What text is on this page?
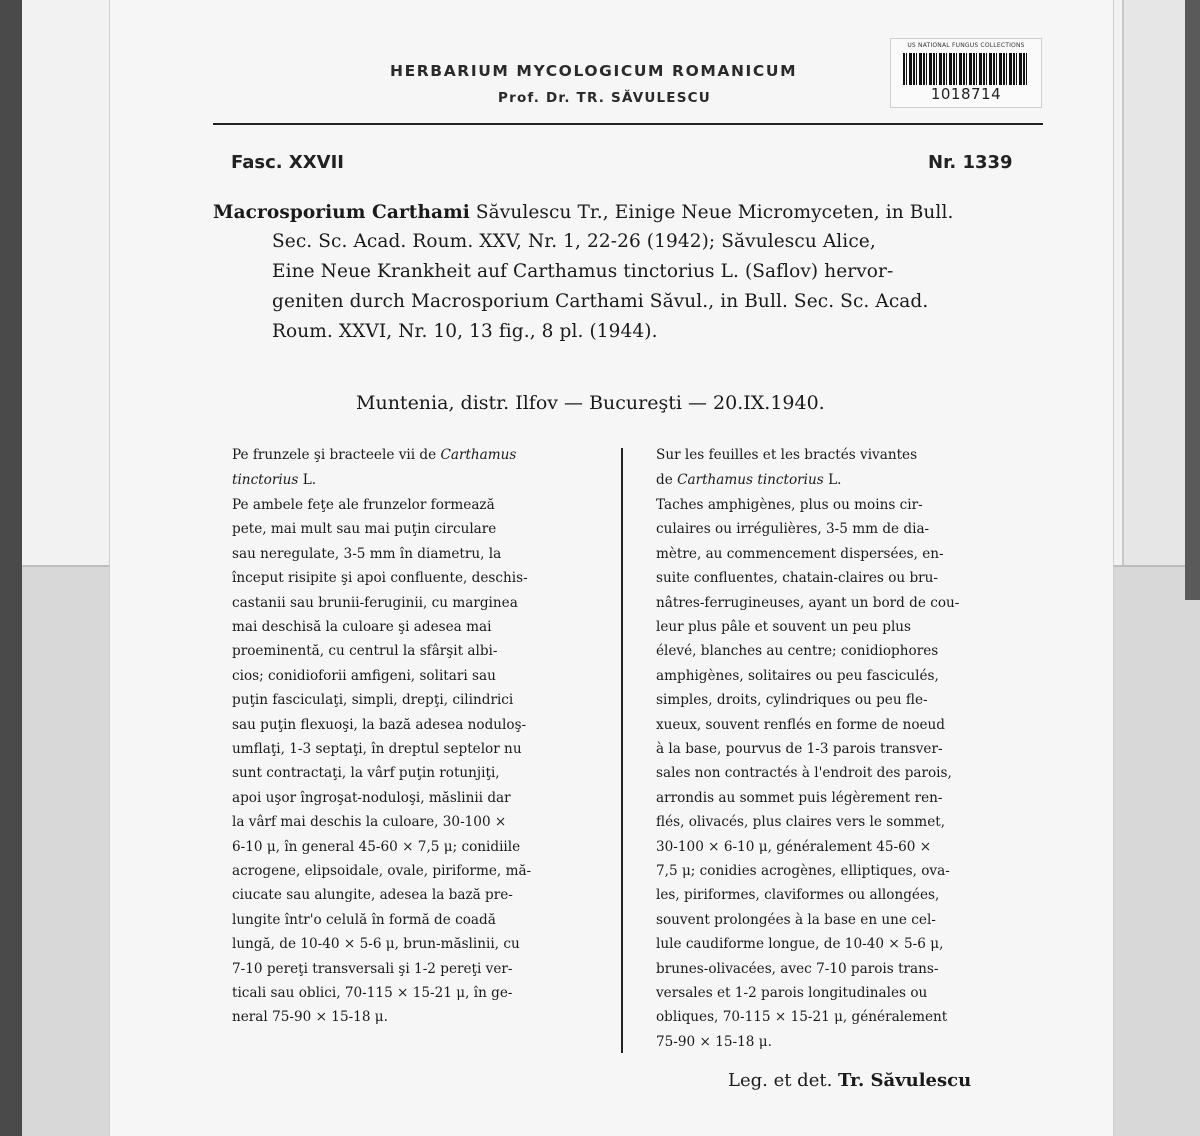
US NATIONAL FUNGUS COLLECTIONS
1018714
HERBARIUM MYCOLOGICUM ROMANICUM
Prof. Dr. TR. SĂVULESCU
Fasc. XXVII	Nr. 1339
Macrosporium Carthami Săvulescu Tr., Einige Neue Micromyceten, in Bull.
Sec. Sc. Acad. Roum. XXV, Nr. 1, 22-26 (1942); Săvulescu Alice,
Eine Neue Krankheit auf Carthamus tinctorius L. (Saflov) hervor-
geniten durch Macrosporium Carthami Săvul., in Bull. Sec. Sc. Acad.
Roum. XXVI, Nr. 10, 13 fig., 8 pl. (1944).
Muntenia, distr. Ilfov — Bucureşti — 20.IX.1940.
Pe frunzele şi bracteele vii de Carthamus
tinctorius L.
Pe ambele feţe ale frunzelor formează
pete, mai mult sau mai puţin circulare
sau neregulate, 3-5 mm în diametru, la
început risipite şi apoi confluente, deschis-
castanii sau brunii-feruginii, cu marginea
mai deschisă la culoare şi adesea mai
proeminentă, cu centrul la sfârşit albi-
cios; conidioforii amfigeni, solitari sau
puţin fasciculaţi, simpli, drepţi, cilindrici
sau puţin flexuoşi, la bază adesea noduloş-
umflaţi, 1-3 septaţi, în dreptul septelor nu
sunt contractaţi, la vârf puţin rotunjiţi,
apoi uşor îngroşat-noduloşi, măslinii dar
la vârf mai deschis la culoare, 30-100 ×
6-10 μ, în general 45-60 × 7,5 μ; conidiile
acrogene, elipsoidale, ovale, piriforme, mă-
ciucate sau alungite, adesea la bază pre-
lungite într'o celulă în formă de coadă
lungă, de 10-40 × 5-6 μ, brun-măslinii, cu
7-10 pereţi transversali şi 1-2 pereţi ver-
ticali sau oblici, 70-115 × 15-21 μ, în ge-
neral 75-90 × 15-18 μ.
Sur les feuilles et les bractés vivantes
de Carthamus tinctorius L.
Taches amphigènes, plus ou moins cir-
culaires ou irrégulières, 3-5 mm de dia-
mètre, au commencement dispersées, en-
suite confluentes, chatain-claires ou bru-
nâtres-ferrugineuses, ayant un bord de cou-
leur plus pâle et souvent un peu plus
élevé, blanches au centre; conidiophores
amphigènes, solitaires ou peu fasciculés,
simples, droits, cylindriques ou peu fle-
xueux, souvent renflés en forme de noeud
à la base, pourvus de 1-3 parois transver-
sales non contractés à l'endroit des parois,
arrondis au sommet puis légèrement ren-
flés, olivacés, plus claires vers le sommet,
30-100 × 6-10 μ, généralement 45-60 ×
7,5 μ; conidies acrogènes, elliptiques, ova-
les, piriformes, claviformes ou allongées,
souvent prolongées à la base en une cel-
lule caudiforme longue, de 10-40 × 5-6 μ,
brunes-olivacées, avec 7-10 parois trans-
versales et 1-2 parois longitudinales ou
obliques, 70-115 × 15-21 μ, généralement
75-90 × 15-18 μ.
Leg. et det. Tr. Săvulescu
